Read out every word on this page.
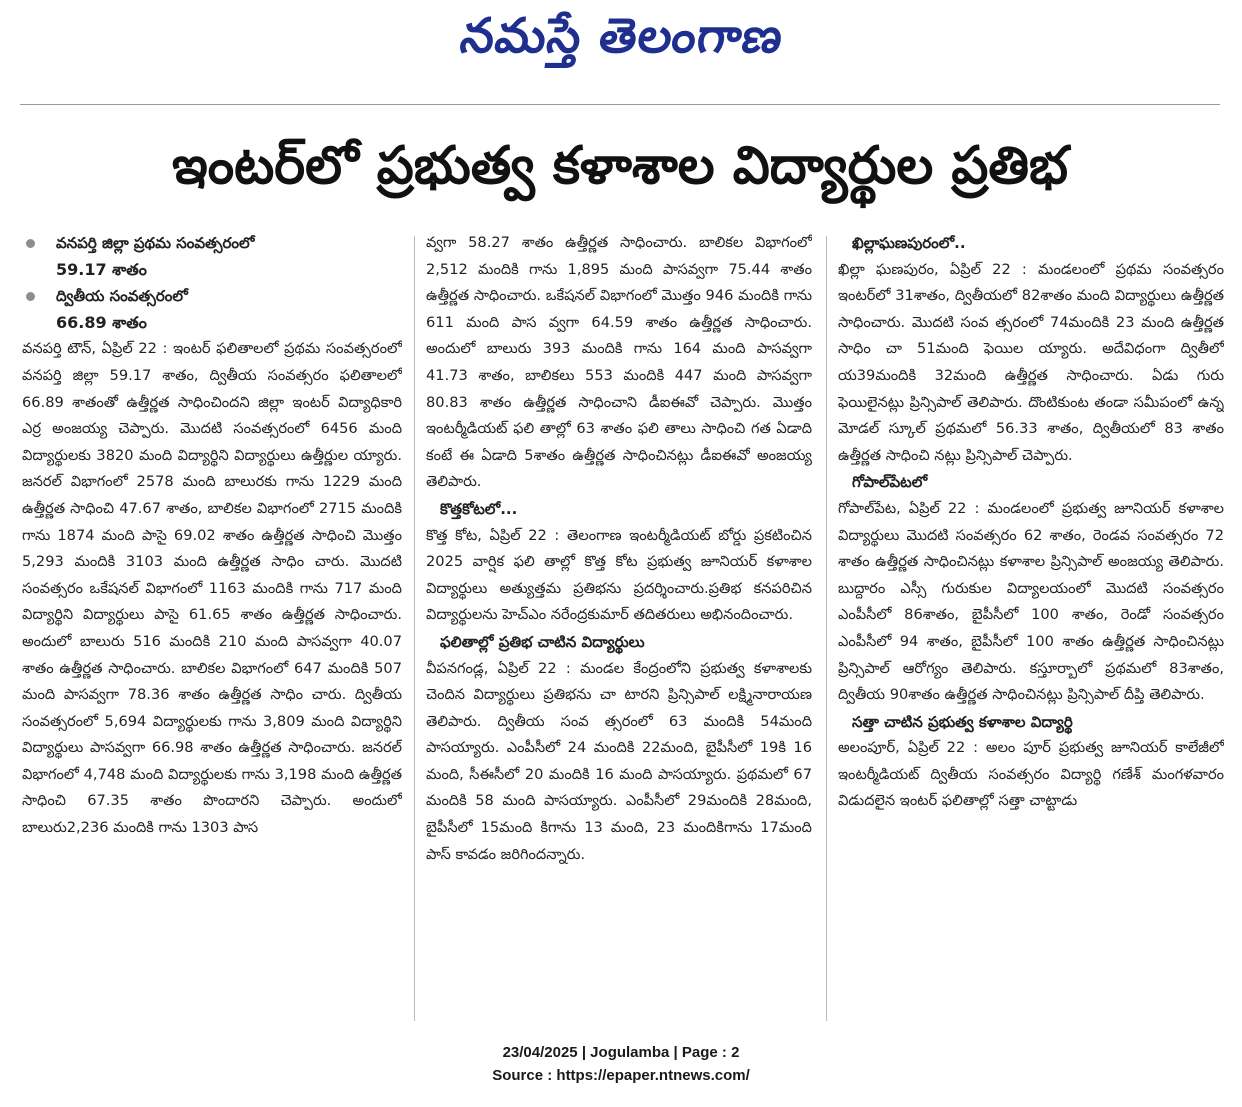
నమస్తే తెలంగాణ
ఇంటర్‌లో ప్రభుత్వ కళాశాల విద్యార్థుల ప్రతిభ
వనపర్తి జిల్లా ప్రథమ సంవత్సరంలో
59.17 శాతం
ద్వితీయ సంవత్సరంలో
66.89 శాతం

వనపర్తి టౌన్, ఏప్రిల్ 22 : ఇంటర్ ఫలితాలలో ప్రథమ సంవత్సరంలో వనపర్తి జిల్లా 59.17 శాతం, ద్వితీయ సంవత్సరం ఫలితాలలో 66.89 శాతంతో ఉత్తీర్ణత సాధించిందని జిల్లా ఇంటర్ విద్యాధికారి ఎర్ర అంజయ్య చెప్పారు. మొదటి సంవత్సరంలో 6456 మంది విద్యార్థులకు 3820 మంది విద్యార్థిని విద్యార్థులు ఉత్తీర్ణుల య్యారు. జనరల్ విభాగంలో 2578 మంది బాలురకు గాను 1229 మంది ఉత్తీర్ణత సాధించి 47.67 శాతం, బాలికల విభాగంలో 2715 మందికి గాను 1874 మంది పాసై 69.02 శాతం ఉత్తీర్ణత సాధించి మొత్తం 5,293 మందికి 3103 మంది ఉత్తీర్ణత సాధిం చారు. మొదటి సంవత్సరం ఒకేషనల్ విభాగంలో 1163 మందికి గాను 717 మంది విద్యార్థిని విద్యార్థులు పాసై 61.65 శాతం ఉత్తీర్ణత సాధించారు. అందులో బాలురు 516 మందికి 210 మంది పాసవ్వగా 40.07 శాతం ఉత్తీర్ణత సాధించారు. బాలికల విభాగంలో 647 మందికి 507 మంది పాసవ్వగా 78.36 శాతం ఉత్తీర్ణత సాధిం చారు. ద్వితీయ సంవత్సరంలో 5,694 విద్యార్థులకు గాను 3,809 మంది విద్యార్థిని విద్యార్థులు పాసవ్వగా 66.98 శాతం ఉత్తీర్ణత సాధించారు. జనరల్ విభాగంలో 4,748 మంది విద్యార్థులకు గాను 3,198 మంది ఉత్తీర్ణత సాధించి 67.35 శాతం పొందారని చెప్పారు. అందులో బాలురు2,236 మందికి గాను 1303 పాస

వ్వగా 58.27 శాతం ఉత్తీర్ణత సాధించారు. బాలికల విభాగంలో 2,512 మందికి గాను 1,895 మంది పాసవ్వగా 75.44 శాతం ఉత్తీర్ణత సాధించారు. ఒకేషనల్ విభాగంలో మొత్తం 946 మందికి గాను 611 మంది పాస వ్వగా 64.59 శాతం ఉత్తీర్ణత సాధించారు. అందులో బాలురు 393 మందికి గాను 164 మంది పాసవ్వగా 41.73 శాతం, బాలికలు 553 మందికి 447 మంది పాసవ్వగా 80.83 శాతం ఉత్తీర్ణత సాధించాని డీఐఈవో చెప్పారు. మొత్తం ఇంటర్మీడియట్ ఫలి తాల్లో 63 శాతం ఫలి తాలు సాధించి గత ఏడాది కంటే ఈ ఏడాది 5శాతం ఉత్తీర్ణత సాధించినట్లు డీఐఈవో అంజయ్య తెలిపారు.

కొత్తకోటలో...

కొత్త కోట, ఏప్రిల్ 22 : తెలంగాణ ఇంటర్మీడియట్ బోర్డు ప్రకటించిన 2025 వార్షిక ఫలి తాల్లో కొత్త కోట ప్రభుత్వ జూనియర్ కళాశాల విద్యార్థులు అత్యుత్తమ ప్రతిభను ప్రదర్శించారు.ప్రతిభ కనపరిచిన విద్యార్థులను హెచ్ఎం నరేంద్రకుమార్ తదితరులు అభినందించారు.

ఫలితాల్లో ప్రతిభ చాటిన విద్యార్థులు

వీపనగండ్ల, ఏప్రిల్ 22 : మండల కేంద్రంలోని ప్రభుత్వ కళాశాలకు చెందిన విద్యార్థులు ప్రతిభను చా టారని ప్రిన్సిపాల్ లక్ష్మినారాయణ తెలిపారు. ద్వితీయ సంవ త్సరంలో 63 మందికి 54మంది పాసయ్యారు. ఎంపీసీలో 24 మందికి 22మంది, బైపీసీలో 19కి 16 మంది, సీఈసీలో 20 మందికి 16 మంది పాసయ్యారు. ప్రథమలో 67 మందికి 58 మంది పాసయ్యారు. ఎంపీసీలో 29మందికి 28మంది, బైపీసీలో 15మంది కిగాను 13 మంది, 23 మందికిగాను 17మంది పాస్ కావడం జరిగిందన్నారు.

ఖిల్లాఘణపురంలో..

ఖిల్లా ఘణపురం, ఏప్రిల్ 22 : మండలంలో ప్రథమ సంవత్సరం ఇంటర్‌లో 31శాతం, ద్వితీయలో 82శాతం మంది విద్యార్థులు ఉత్తీర్ణత సాధించారు. మొదటి సంవ త్సరంలో 74మందికి 23 మంది ఉత్తీర్ణత సాధిం చా 51మంది ఫెయిల య్యారు. అదేవిధంగా ద్వితీలో య39మందికి 32మంది ఉత్తీర్ణత సాధించారు. ఏడు గురు ఫెయిలైనట్లు ప్రిన్సిపాల్ తెలిపారు. దొంటికుంట తండా సమీపంలో ఉన్న మోడల్ స్కూల్ ప్రథమలో 56.33 శాతం, ద్వితీయలో 83 శాతం ఉత్తీర్ణత సాధించి నట్లు ప్రిన్సిపాల్ చెప్పారు.

గోపాల్‌పేటలో

గోపాల్‌పేట, ఏప్రిల్ 22 : మండలంలో ప్రభుత్వ జూనియర్ కళాశాల విద్యార్థులు మొదటి సంవత్సరం 62 శాతం, రెండవ సంవత్సరం 72 శాతం ఉత్తీర్ణత సాధించినట్లు కళాశాల ప్రిన్సిపాల్ అంజయ్య తెలిపారు. బుద్దారం ఎస్సీ గురుకుల విద్యాలయంలో మొదటి సంవత్సరం ఎంపీసీలో 86శాతం, బైపీసీలో 100 శాతం, రెండో సంవత్సరం ఎంపీసీలో 94 శాతం, బైపీసీలో 100 శాతం ఉత్తీర్ణత సాధించినట్లు ప్రిన్సిపాల్ ఆరోగ్యం తెలిపారు. కస్తూర్బాలో ప్రథమలో 83శాతం, ద్వితీయ 90శాతం ఉత్తీర్ణత సాధించినట్లు ప్రిన్సిపాల్ దీప్తి తెలిపారు.

సత్తా చాటిన ప్రభుత్వ కళాశాల విద్యార్థి

అలంపూర్, ఏప్రిల్ 22 : అలం పూర్ ప్రభుత్వ జూనియర్ కాలేజీలో ఇంటర్మీడియట్ ద్వితీయ సంవత్సరం విద్యార్థి గణేశ్ మంగళవారం విడుదలైన ఇంటర్ ఫలితాల్లో సత్తా చాట్టాడు

23/04/2025 | Jogulamba | Page : 2
Source : https://epaper.ntnews.com/
